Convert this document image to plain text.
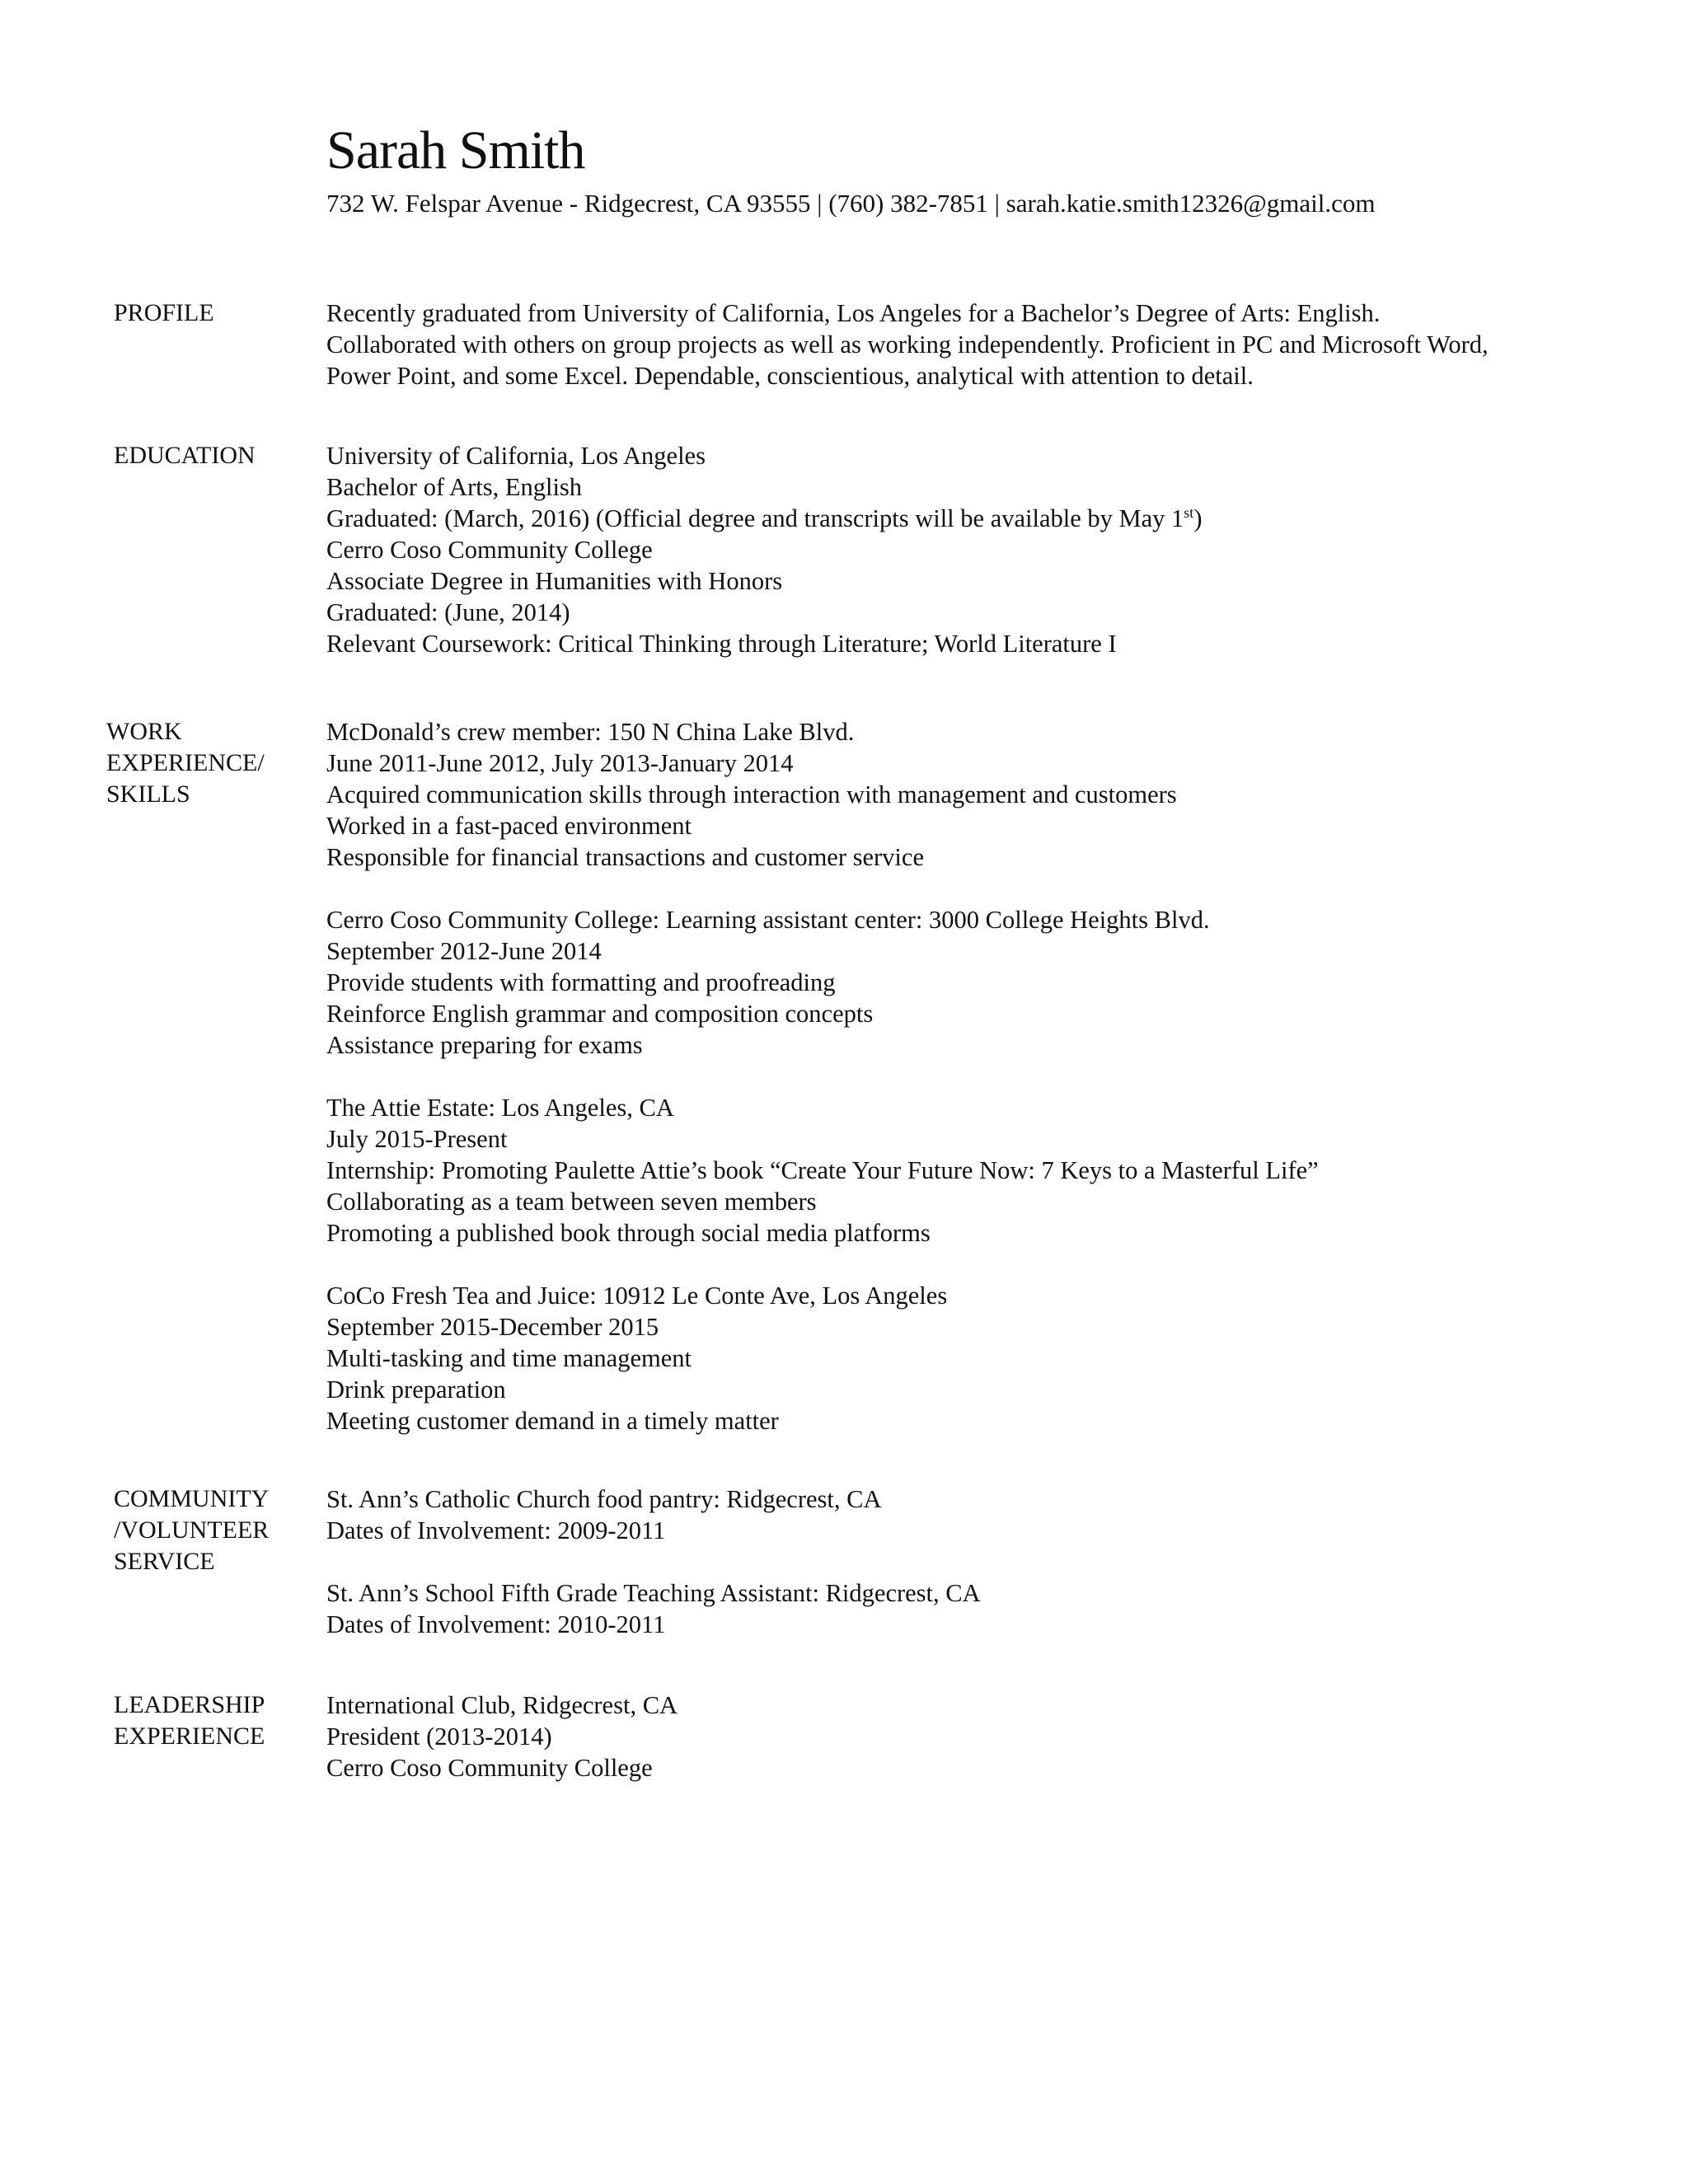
Sarah Smith
732 W. Felspar Avenue - Ridgecrest, CA 93555 | (760) 382-7851 | sarah.katie.smith12326@gmail.com
PROFILE	Recently graduated from University of California, Los Angeles for a Bachelor’s Degree of Arts: English.
Collaborated with others on group projects as well as working independently. Proficient in PC and Microsoft Word,
Power Point, and some Excel. Dependable, conscientious, analytical with attention to detail.
EDUCATION	University of California, Los Angeles
Bachelor of Arts, English
Graduated: (March, 2016) (Official degree and transcripts will be available by May 1st)
Cerro Coso Community College
Associate Degree in Humanities with Honors
Graduated: (June, 2014)
Relevant Coursework: Critical Thinking through Literature; World Literature I
WORK
EXPERIENCE/
SKILLS
McDonald’s crew member: 150 N China Lake Blvd.
June 2011-June 2012, July 2013-January 2014
Acquired communication skills through interaction with management and customers
Worked in a fast-paced environment
Responsible for financial transactions and customer service
Cerro Coso Community College: Learning assistant center: 3000 College Heights Blvd.
September 2012-June 2014
Provide students with formatting and proofreading
Reinforce English grammar and composition concepts
Assistance preparing for exams
The Attie Estate: Los Angeles, CA
July 2015-Present
Internship: Promoting Paulette Attie’s book “Create Your Future Now: 7 Keys to a Masterful Life”
Collaborating as a team between seven members
Promoting a published book through social media platforms
CoCo Fresh Tea and Juice: 10912 Le Conte Ave, Los Angeles
September 2015-December 2015
Multi-tasking and time management
Drink preparation
Meeting customer demand in a timely matter
COMMUNITY
/VOLUNTEER
SERVICE
St. Ann’s Catholic Church food pantry: Ridgecrest, CA
Dates of Involvement: 2009-2011
St. Ann’s School Fifth Grade Teaching Assistant: Ridgecrest, CA
Dates of Involvement: 2010-2011
LEADERSHIP
EXPERIENCE
International Club, Ridgecrest, CA
President (2013-2014)
Cerro Coso Community College
